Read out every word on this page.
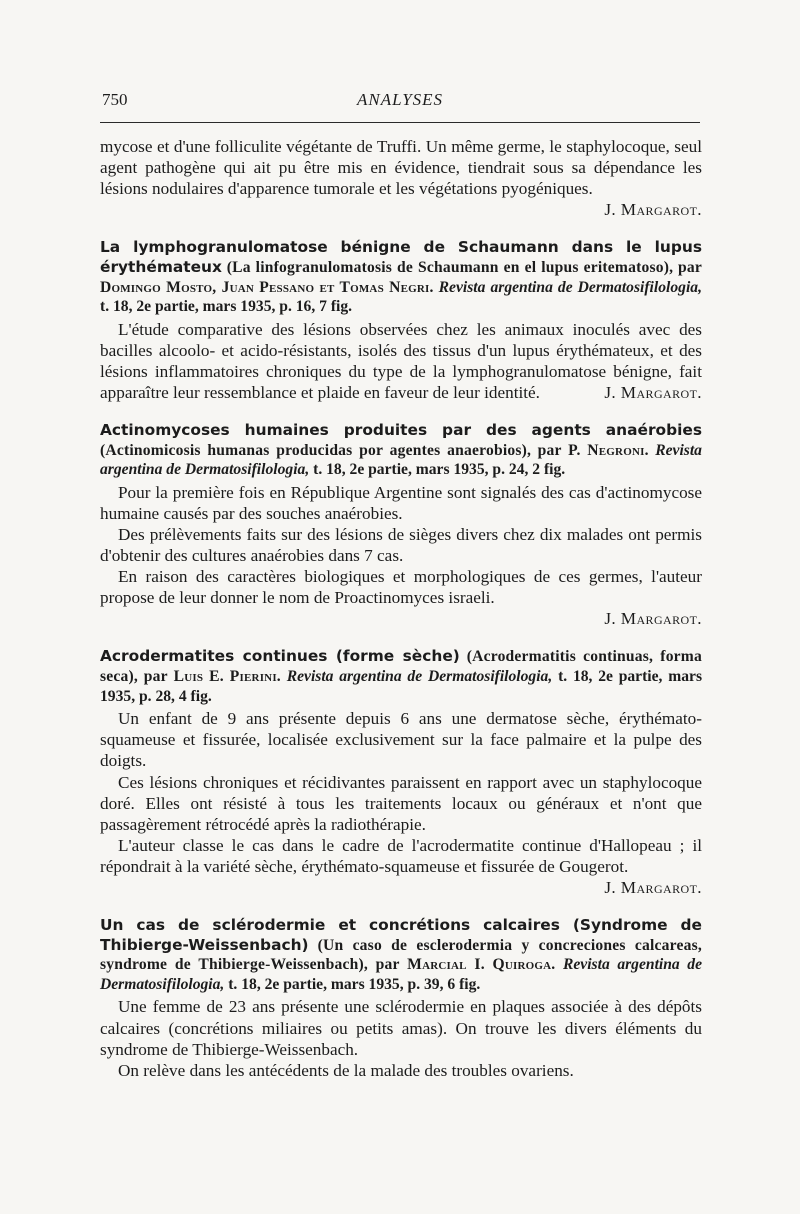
750	ANALYSES

mycose et d'une folliculite végétante de Truffi. Un même germe, le staphylocoque, seul agent pathogène qui ait pu être mis en évidence, tiendrait sous sa dépendance les lésions nodulaires d'apparence tumorale et les végétations pyogéniques.
J. Margarot.

La lymphogranulomatose bénigne de Schaumann dans le lupus érythémateux (La linfogranulomatosis de Schaumann en el lupus eritematoso), par Domingo Mosto, Juan Pessano et Tomas Negri. Revista argentina de Dermatosifilologia, t. 18, 2e partie, mars 1935, p. 16, 7 fig.

L'étude comparative des lésions observées chez les animaux inoculés avec des bacilles alcoolo- et acido-résistants, isolés des tissus d'un lupus érythémateux, et des lésions inflammatoires chroniques du type de la lymphogranulomatose bénigne, fait apparaître leur ressemblance et plaide en faveur de leur identité.	J. Margarot.

Actinomycoses humaines produites par des agents anaérobies (Actinomicosis humanas producidas por agentes anaerobios), par P. Negroni. Revista argentina de Dermatosifilologia, t. 18, 2e partie, mars 1935, p. 24, 2 fig.

Pour la première fois en République Argentine sont signalés des cas d'actinomycose humaine causés par des souches anaérobies.

Des prélèvements faits sur des lésions de sièges divers chez dix malades ont permis d'obtenir des cultures anaérobies dans 7 cas.

En raison des caractères biologiques et morphologiques de ces germes, l'auteur propose de leur donner le nom de Proactinomyces israeli.

J. Margarot.

Acrodermatites continues (forme sèche) (Acrodermatitis continuas, forma seca), par Luis E. Pierini. Revista argentina de Dermatosifilologia, t. 18, 2e partie, mars 1935, p. 28, 4 fig.

Un enfant de 9 ans présente depuis 6 ans une dermatose sèche, érythémato-squameuse et fissurée, localisée exclusivement sur la face palmaire et la pulpe des doigts.

Ces lésions chroniques et récidivantes paraissent en rapport avec un staphylocoque doré. Elles ont résisté à tous les traitements locaux ou généraux et n'ont que passagèrement rétrocédé après la radiothérapie.

L'auteur classe le cas dans le cadre de l'acrodermatite continue d'Hallopeau ; il répondrait à la variété sèche, érythémato-squameuse et fissurée de Gougerot.
J. Margarot.

Un cas de sclérodermie et concrétions calcaires (Syndrome de Thibierge-Weissenbach) (Un caso de esclerodermia y concreciones calcareas, syndrome de Thibierge-Weissenbach), par Marcial I. Quiroga. Revista argentina de Dermatosifilologia, t. 18, 2e partie, mars 1935, p. 39, 6 fig.

Une femme de 23 ans présente une sclérodermie en plaques associée à des dépôts calcaires (concrétions miliaires ou petits amas). On trouve les divers éléments du syndrome de Thibierge-Weissenbach.

On relève dans les antécédents de la malade des troubles ovariens.
